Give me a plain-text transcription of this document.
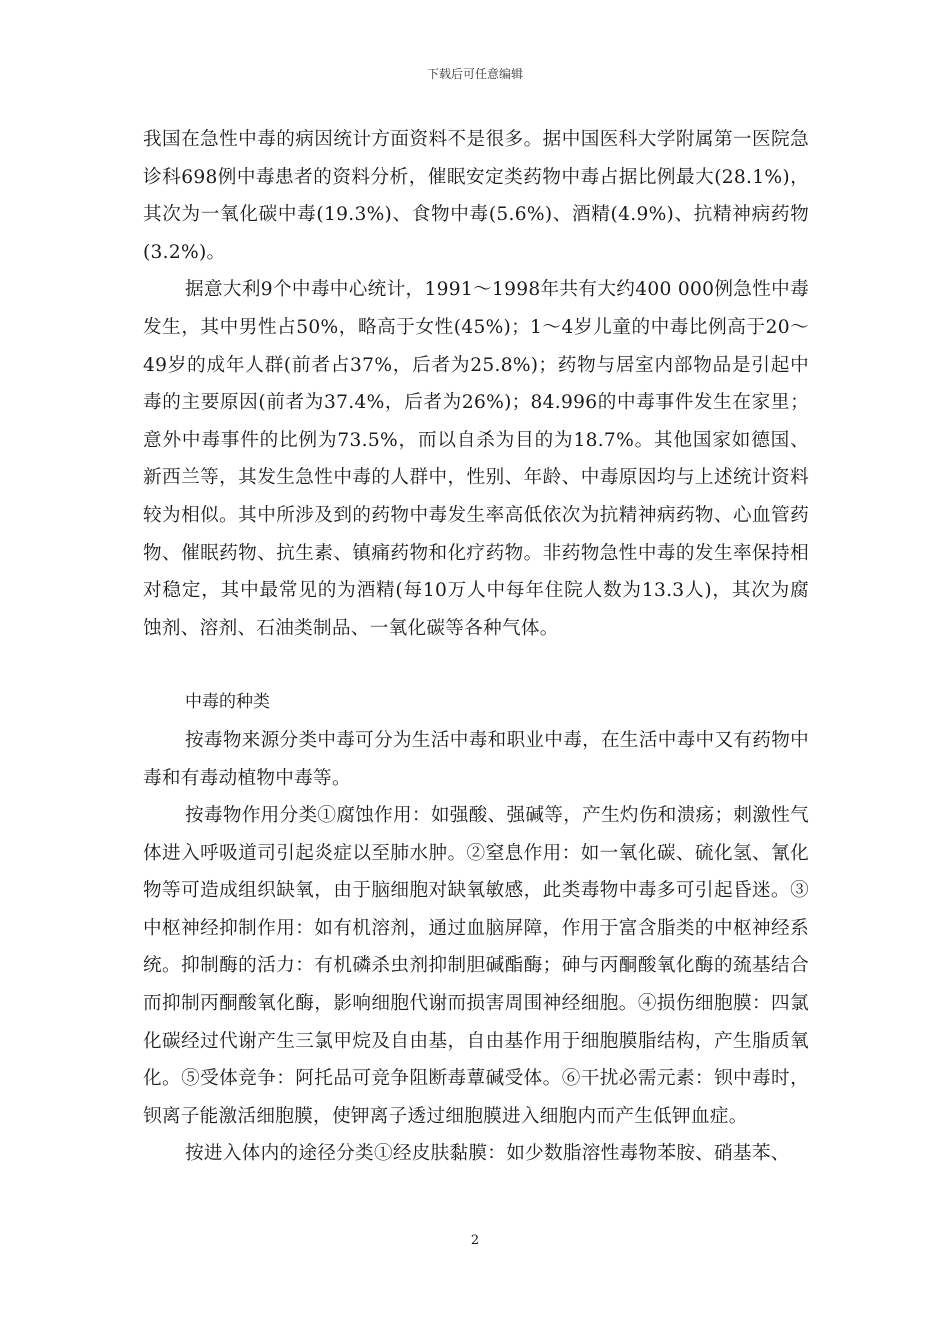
下载后可任意编辑

我国在急性中毒的病因统计方面资料不是很多。据中国医科大学附属第一医院急诊科698例中毒患者的资料分析，催眠安定类药物中毒占据比例最大(28.1%)，其次为一氧化碳中毒(19.3%)、食物中毒(5.6%)、酒精(4.9%)、抗精神病药物(3.2%)。

据意大利9个中毒中心统计，1991～1998年共有大约400 000例急性中毒发生，其中男性占50%，略高于女性(45%)；1～4岁儿童的中毒比例高于20～49岁的成年人群(前者占37%，后者为25.8%)；药物与居室内部物品是引起中毒的主要原因(前者为37.4%，后者为26%)；84.996的中毒事件发生在家里；意外中毒事件的比例为73.5%，而以自杀为目的为18.7%。其他国家如德国、新西兰等，其发生急性中毒的人群中，性别、年龄、中毒原因均与上述统计资料较为相似。其中所涉及到的药物中毒发生率高低依次为抗精神病药物、心血管药物、催眠药物、抗生素、镇痛药物和化疗药物。非药物急性中毒的发生率保持相对稳定，其中最常见的为酒精(每10万人中每年住院人数为13.3人)，其次为腐蚀剂、溶剂、石油类制品、一氧化碳等各种气体。

中毒的种类

按毒物来源分类中毒可分为生活中毒和职业中毒，在生活中毒中又有药物中毒和有毒动植物中毒等。

按毒物作用分类①腐蚀作用：如强酸、强碱等，产生灼伤和溃疡；刺激性气体进入呼吸道司引起炎症以至肺水肿。②窒息作用：如一氧化碳、硫化氢、氰化物等可造成组织缺氧，由于脑细胞对缺氧敏感，此类毒物中毒多可引起昏迷。③中枢神经抑制作用：如有机溶剂，通过血脑屏障，作用于富含脂类的中枢神经系统。抑制酶的活力：有机磷杀虫剂抑制胆碱酯酶；砷与丙酮酸氧化酶的巯基结合而抑制丙酮酸氧化酶，影响细胞代谢而损害周围神经细胞。④损伤细胞膜：四氯化碳经过代谢产生三氯甲烷及自由基，自由基作用于细胞膜脂结构，产生脂质氧化。⑤受体竞争：阿托品可竞争阻断毒蕈碱受体。⑥干扰必需元素：钡中毒时，钡离子能激活细胞膜，使钾离子透过细胞膜进入细胞内而产生低钾血症。

按进入体内的途径分类①经皮肤黏膜：如少数脂溶性毒物苯胺、硝基苯、

2
